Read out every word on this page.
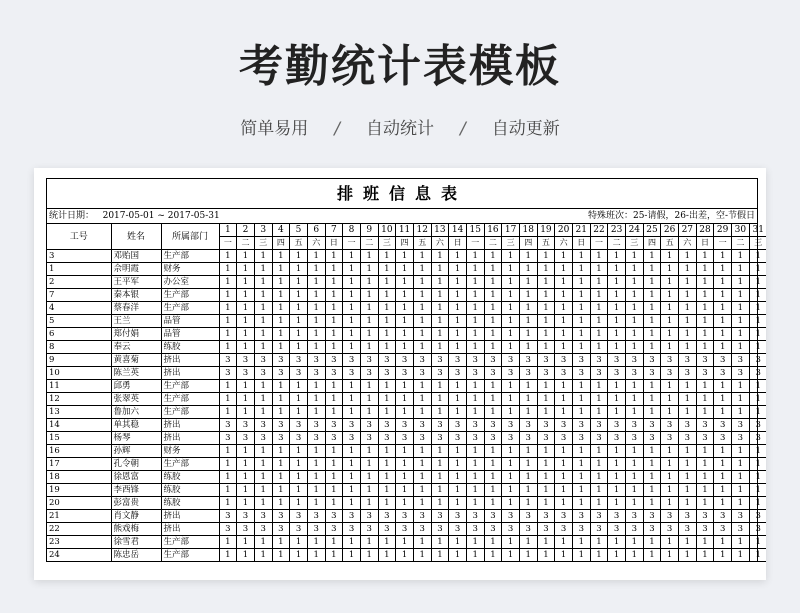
考勤统计表模板
简单易用 / 自动统计 / 自动更新
排班信息表
统计日期： 2017-05-01 ~ 2017-05-31	特殊班次：25-请假，26-出差，空-节假日
工号	姓名	所属部门	1	2	3	4	5	6	7	8	9	10	11	12	13	14	15	16	17	18	19	20	21	22	23	24	25	26	27	28	29	30	31
			一	二	三	四	五	六	日	一	二	三	四	五	六	日	一	二	三	四	五	六	日	一	二	三	四	五	六	日	一	二	三
3	邓贻国	生产部	1	1	1	1	1	1	1	1	1	1	1	1	1	1	1	1	1	1	1	1	1	1	1	1	1	1	1	1	1	1	1
1	佘明霞	财务	1	1	1	1	1	1	1	1	1	1	1	1	1	1	1	1	1	1	1	1	1	1	1	1	1	1	1	1	1	1	1
2	王平军	办公室	1	1	1	1	1	1	1	1	1	1	1	1	1	1	1	1	1	1	1	1	1	1	1	1	1	1	1	1	1	1	1
7	秦本银	生产部	1	1	1	1	1	1	1	1	1	1	1	1	1	1	1	1	1	1	1	1	1	1	1	1	1	1	1	1	1	1	1
4	蔡春洋	生产部	1	1	1	1	1	1	1	1	1	1	1	1	1	1	1	1	1	1	1	1	1	1	1	1	1	1	1	1	1	1	1
5	王兰	品管	1	1	1	1	1	1	1	1	1	1	1	1	1	1	1	1	1	1	1	1	1	1	1	1	1	1	1	1	1	1	1
6	郑付娟	品管	1	1	1	1	1	1	1	1	1	1	1	1	1	1	1	1	1	1	1	1	1	1	1	1	1	1	1	1	1	1	1
8	奉云	练胶	1	1	1	1	1	1	1	1	1	1	1	1	1	1	1	1	1	1	1	1	1	1	1	1	1	1	1	1	1	1	1
9	黄喜菊	挤出	3	3	3	3	3	3	3	3	3	3	3	3	3	3	3	3	3	3	3	3	3	3	3	3	3	3	3	3	3	3	3
10	陈兰英	挤出	3	3	3	3	3	3	3	3	3	3	3	3	3	3	3	3	3	3	3	3	3	3	3	3	3	3	3	3	3	3	3
11	邱勇	生产部	1	1	1	1	1	1	1	1	1	1	1	1	1	1	1	1	1	1	1	1	1	1	1	1	1	1	1	1	1	1	1
12	张翠英	生产部	1	1	1	1	1	1	1	1	1	1	1	1	1	1	1	1	1	1	1	1	1	1	1	1	1	1	1	1	1	1	1
13	鲁加六	生产部	1	1	1	1	1	1	1	1	1	1	1	1	1	1	1	1	1	1	1	1	1	1	1	1	1	1	1	1	1	1	1
14	单其稳	挤出	3	3	3	3	3	3	3	3	3	3	3	3	3	3	3	3	3	3	3	3	3	3	3	3	3	3	3	3	3	3	3
15	杨琴	挤出	3	3	3	3	3	3	3	3	3	3	3	3	3	3	3	3	3	3	3	3	3	3	3	3	3	3	3	3	3	3	3
16	孙辉	财务	1	1	1	1	1	1	1	1	1	1	1	1	1	1	1	1	1	1	1	1	1	1	1	1	1	1	1	1	1	1	1
17	孔令朝	生产部	1	1	1	1	1	1	1	1	1	1	1	1	1	1	1	1	1	1	1	1	1	1	1	1	1	1	1	1	1	1	1
18	徐恩富	练胶	1	1	1	1	1	1	1	1	1	1	1	1	1	1	1	1	1	1	1	1	1	1	1	1	1	1	1	1	1	1	1
19	李西锋	练胶	1	1	1	1	1	1	1	1	1	1	1	1	1	1	1	1	1	1	1	1	1	1	1	1	1	1	1	1	1	1	1
20	彭富贵	练胶	1	1	1	1	1	1	1	1	1	1	1	1	1	1	1	1	1	1	1	1	1	1	1	1	1	1	1	1	1	1	1
21	肖文静	挤出	3	3	3	3	3	3	3	3	3	3	3	3	3	3	3	3	3	3	3	3	3	3	3	3	3	3	3	3	3	3	3
22	熊戏梅	挤出	3	3	3	3	3	3	3	3	3	3	3	3	3	3	3	3	3	3	3	3	3	3	3	3	3	3	3	3	3	3	3
23	徐雪君	生产部	1	1	1	1	1	1	1	1	1	1	1	1	1	1	1	1	1	1	1	1	1	1	1	1	1	1	1	1	1	1	1
24	陈忠岳	生产部	1	1	1	1	1	1	1	1	1	1	1	1	1	1	1	1	1	1	1	1	1	1	1	1	1	1	1	1	1	1	1
